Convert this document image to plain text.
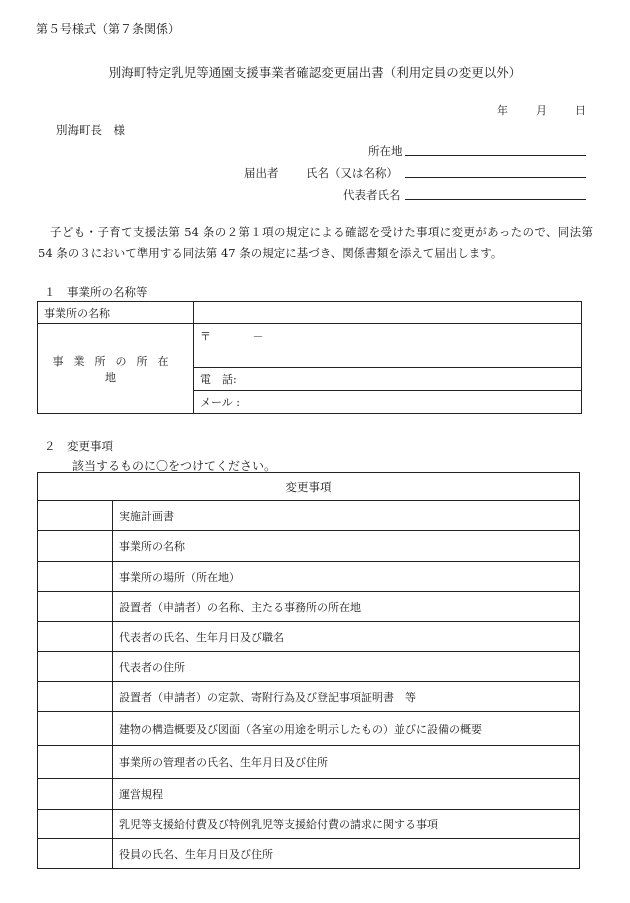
第５号様式（第７条関係）
別海町特定乳児等通園支援事業者確認変更届出書（利用定員の変更以外）
年	月	日
別海町長　様
所在地
届出者 氏名（又は名称）
代表者氏名
子ども・子育て支援法第 54 条の２第１項の規定による確認を受けた事項に変更があったので、同法第 54 条の３において準用する同法第 47 条の規定に基づき、関係書類を添えて届出します。
１　事業所の名称等
事業所の名称	
事業所の所在地	〒 －
	電　話:
	メール :
２　変更事項
該当するものに〇をつけてください。
変更事項	
	実施計画書
	事業所の名称
	事業所の場所（所在地）
	設置者（申請者）の名称、主たる事務所の所在地
	代表者の氏名、生年月日及び職名
	代表者の住所
	設置者（申請者）の定款、寄附行為及び登記事項証明書　等
	建物の構造概要及び図面（各室の用途を明示したもの）並びに設備の概要
	事業所の管理者の氏名、生年月日及び住所
	運営規程
	乳児等支援給付費及び特例乳児等支援給付費の請求に関する事項
	役員の氏名、生年月日及び住所
